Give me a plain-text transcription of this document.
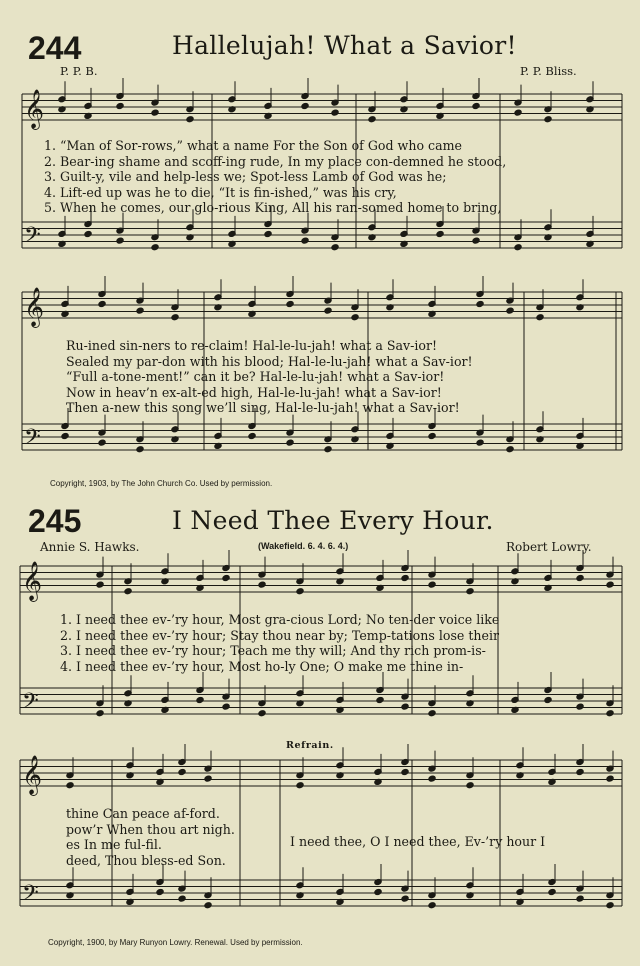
𝄞
𝄢
𝄞
𝄢
𝄞
𝄢
𝄞
𝄢
244	Hallelujah! What a Savior!
P. P. B.	P. P. Bliss.
1. “Man of Sor-rows,” what a name For the Son of God who came
2. Bear-ing shame and scoff-ing rude, In my place con-demned he stood,
3. Guilt-y, vile and help-less we; Spot-less Lamb of God was he;
4. Lift-ed up was he to die, “It is fin-ished,” was his cry,
5. When he comes, our glo-rious King, All his ran-somed home to bring,
Ru-ined sin-ners to re-claim! Hal-le-lu-jah! what a Sav-ior!
Sealed my par-don with his blood; Hal-le-lu-jah! what a Sav-ior!
“Full a-tone-ment!” can it be? Hal-le-lu-jah! what a Sav-ior!
Now in heav’n ex-alt-ed high, Hal-le-lu-jah! what a Sav-ior!
Then a-new this song we’ll sing, Hal-le-lu-jah! what a Sav-ior!
Copyright, 1903, by The John Church Co. Used by permission.
245	I Need Thee Every Hour.
Annie S. Hawks.	(Wakefield. 6. 4. 6. 4.)	Robert Lowry.
1. I need thee ev-’ry hour, Most gra-cious Lord; No ten-der voice like
2. I need thee ev-’ry hour; Stay thou near by; Temp-tations lose their
3. I need thee ev-’ry hour; Teach me thy will; And thy rich prom-is-
4. I need thee ev-’ry hour, Most ho-ly One; O make me thine in-
Refrain.
thine Can peace af-ford.
pow’r When thou art nigh.
es In me ful-fil.
deed, Thou bless-ed Son.
I need thee, O I need thee, Ev-’ry hour I
Copyright, 1900, by Mary Runyon Lowry. Renewal. Used by permission.
